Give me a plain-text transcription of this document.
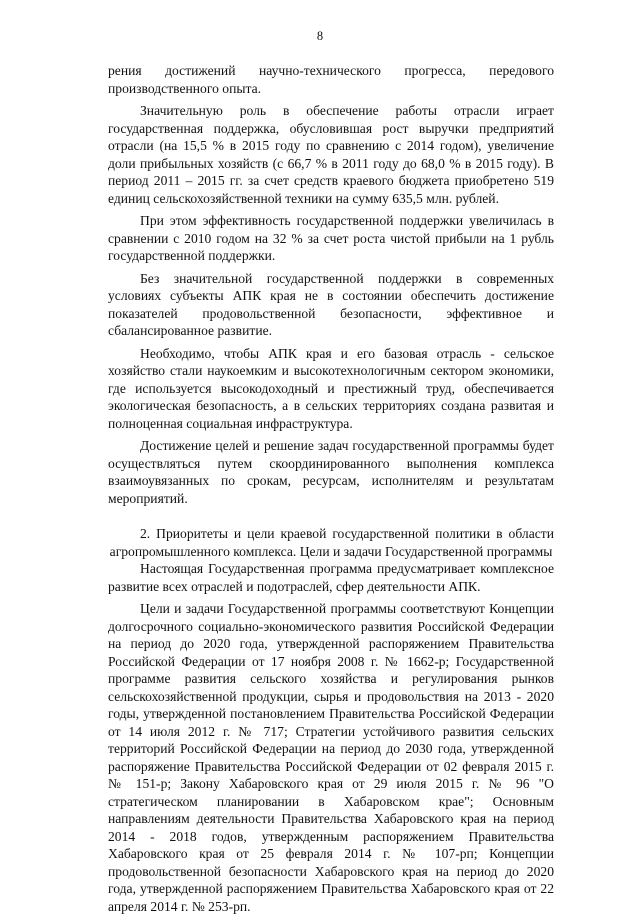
8

рения достижений научно-технического прогресса, передового производственного опыта.

Значительную роль в обеспечение работы отрасли играет государственная поддержка, обусловившая рост выручки предприятий отрасли (на 15,5 % в 2015 году по сравнению с 2014 годом), увеличение доли прибыльных хозяйств (с 66,7 % в 2011 году до 68,0 % в 2015 году). В период 2011 – 2015 гг. за счет средств краевого бюджета приобретено 519 единиц сельскохозяйственной техники на сумму 635,5 млн. рублей.

При этом эффективность государственной поддержки увеличилась в сравнении с 2010 годом на 32 % за счет роста чистой прибыли на 1 рубль государственной поддержки.

Без значительной государственной поддержки в современных условиях субъекты АПК края не в состоянии обеспечить достижение показателей продовольственной безопасности, эффективное и сбалансированное развитие.

Необходимо, чтобы АПК края и его базовая отрасль - сельское хозяйство стали наукоемким и высокотехнологичным сектором экономики, где используется высокодоходный и престижный труд, обеспечивается экологическая безопасность, а в сельских территориях создана развитая и полноценная социальная инфраструктура.

Достижение целей и решение задач государственной программы будет осуществляться путем скоординированного выполнения комплекса взаимоувязанных по срокам, ресурсам, исполнителям и результатам мероприятий.

2. Приоритеты и цели краевой государственной политики в области агропромышленного комплекса. Цели и задачи Государственной программы

Настоящая Государственная программа предусматривает комплексное развитие всех отраслей и подотраслей, сфер деятельности АПК.

Цели и задачи Государственной программы соответствуют Концепции долгосрочного социально-экономического развития Российской Федерации на период до 2020 года, утвержденной распоряжением Правительства Российской Федерации от 17 ноября 2008 г. № 1662-р; Государственной программе развития сельского хозяйства и регулирования рынков сельскохозяйственной продукции, сырья и продовольствия на 2013 - 2020 годы, утвержденной постановлением Правительства Российской Федерации от 14 июля 2012 г. № 717; Стратегии устойчивого развития сельских территорий Российской Федерации на период до 2030 года, утвержденной распоряжение Правительства Российской Федерации от 02 февраля 2015 г. № 151-р; Закону Хабаровского края от 29 июля 2015 г. № 96 "О стратегическом планировании в Хабаровском крае"; Основным направлениям деятельности Правительства Хабаровского края на период 2014 - 2018 годов, утвержденным распоряжением Правительства Хабаровского края от 25 февраля 2014 г. № 107-рп; Концепции продовольственной безопасности Хабаровского края на период до 2020 года, утвержденной распоряжением Правительства Хабаровского края от 22 апреля 2014 г. № 253-рп.
